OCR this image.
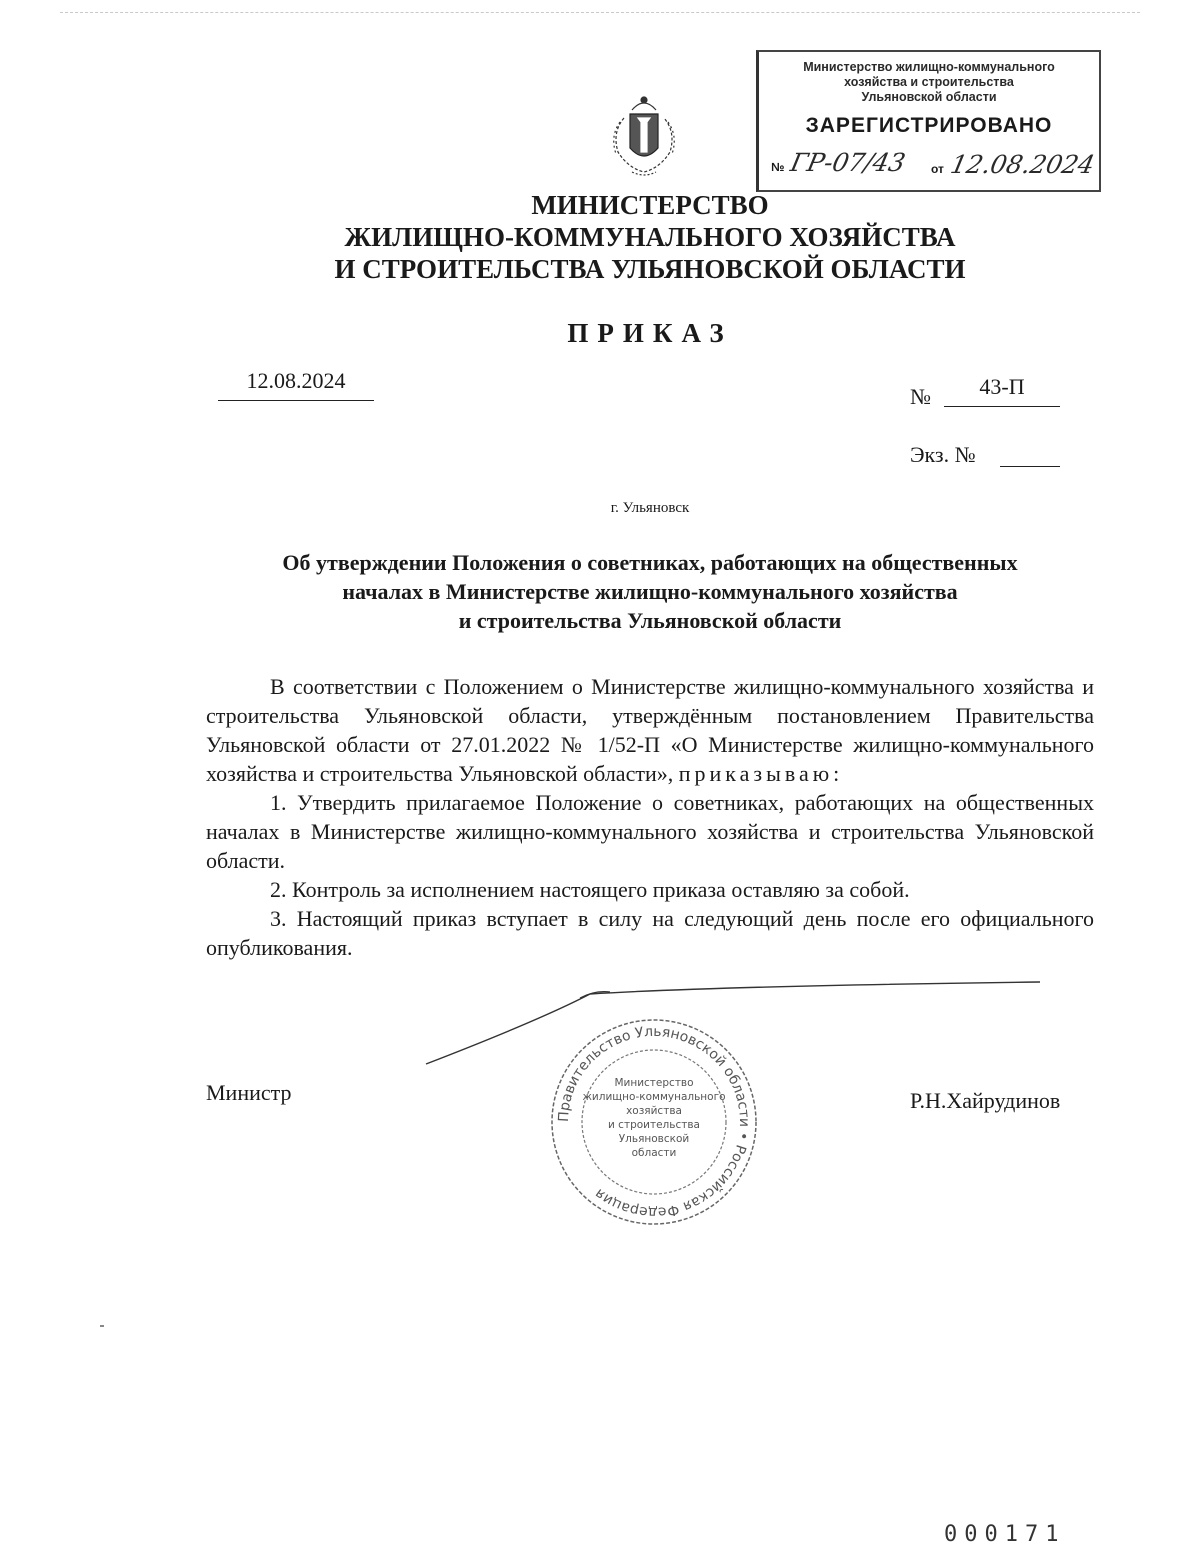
Министерство жилищно-коммунального
хозяйства и строительства
Ульяновской области
ЗАРЕГИСТРИРОВАНО
№ ГР-07/43 от 12.08.2024
МИНИСТЕРСТВО
ЖИЛИЩНО-КОММУНАЛЬНОГО ХОЗЯЙСТВА
И СТРОИТЕЛЬСТВА УЛЬЯНОВСКОЙ ОБЛАСТИ
ПРИКАЗ
12.08.2024
№	43-П
Экз. №
г. Ульяновск
Об утверждении Положения о советниках, работающих на общественных
началах в Министерстве жилищно-коммунального хозяйства
и строительства Ульяновской области

В соответствии с Положением о Министерстве жилищно-коммунального хозяйства и строительства Ульяновской области, утверждённым постановлением Правительства Ульяновской области от 27.01.2022 № 1/52-П «О Министерстве жилищно-коммунального хозяйства и строительства Ульяновской области», приказываю:

1. Утвердить прилагаемое Положение о советниках, работающих на общественных началах в Министерстве жилищно-коммунального хозяйства и строительства Ульяновской области.

2. Контроль за исполнением настоящего приказа оставляю за собой.

3. Настоящий приказ вступает в силу на следующий день после его официального опубликования.

Министр
Правительство Ульяновской области • Российская Федерация
Министерство
жилищно-коммунального
хозяйства
и строительства
Ульяновской
области
Р.Н.Хайрудинов
000171
